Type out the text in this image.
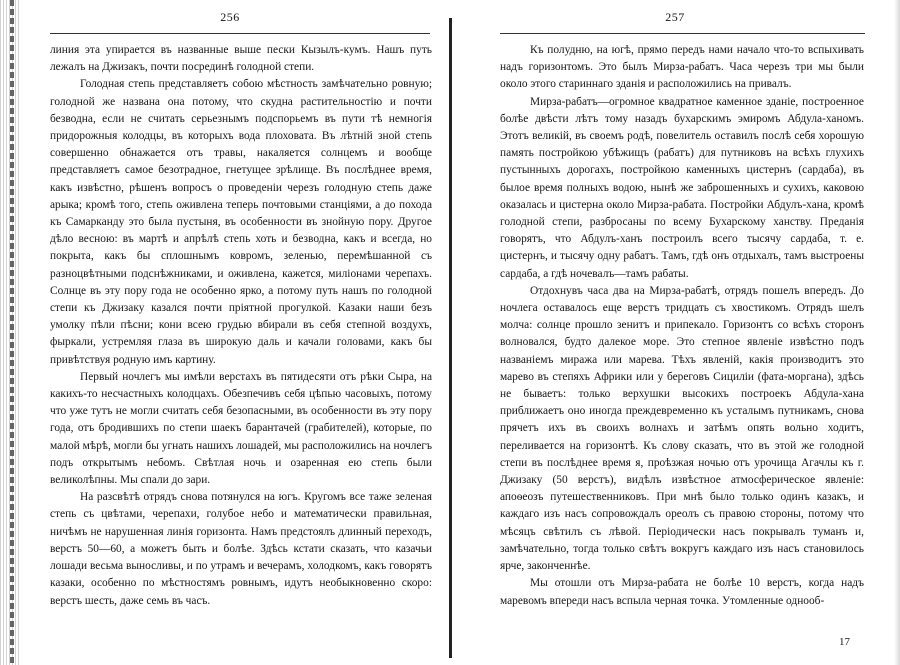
256

линия эта упирается въ названные выше пески Кызылъ-кумъ. Нашъ путь лежалъ на Джизакъ, почти посрединѣ голодной степи.

Голодная степь представляетъ собою мѣстность замѣчательно ровную; голодной же названа она потому, что скудна растительностію и почти безводна, если не считать серьезнымъ подспорьемъ въ пути тѣ немногія придорожныя колодцы, въ которыхъ вода плоховата. Въ лѣтній зной степь совершенно обнажается отъ травы, накаляется солнцемъ и вообще представляетъ самое безотрадное, гнетущее зрѣлище. Въ послѣднее время, какъ извѣстно, рѣшенъ вопросъ о проведеніи черезъ голодную степь даже арыка; кромѣ того, степь оживлена теперь почтовыми станціями, а до похода къ Самарканду это была пустыня, въ особенности въ знойную пору. Другое дѣло весною: въ мартѣ и апрѣлѣ степь хоть и безводна, какъ и всегда, но покрыта, какъ бы сплошнымъ ковромъ, зеленью, перемѣшанной съ разноцвѣтными подснѣжниками, и оживлена, кажется, миліонами черепахъ. Солнце въ эту пору года не особенно ярко, а потому путь нашъ по голодной степи къ Джизаку казался почти пріятной прогулкой. Казаки наши безъ умолку пѣли пѣсни; кони всею грудью вбирали въ себя степной воздухъ, фыркали, устремляя глаза въ широкую даль и качали головами, какъ бы привѣтствуя родную имъ картину.

Первый ночлегъ мы имѣли верстахъ въ пятидесяти отъ рѣки Сыра, на какихъ-то несчастныхъ колодцахъ. Обезпечивъ себя цѣпью часовыхъ, потому что уже тутъ не могли считать себя безопасными, въ особенности въ эту пору года, отъ бродившихъ по степи шаекъ барантачей (грабителей), которые, по малой мѣрѣ, могли бы угнать нашихъ лошадей, мы расположились на ночлегъ подъ открытымъ небомъ. Свѣтлая ночь и озаренная ею степь были великолѣпны. Мы спали до зари.

На разсвѣтѣ отрядъ снова потянулся на югъ. Кругомъ все таже зеленая степь съ цвѣтами, черепахи, голубое небо и математически правильная, ничѣмъ не нарушенная линія горизонта. Намъ предстоялъ длинный переходъ, верстъ 50—60, а можетъ быть и болѣе. Здѣсь кстати сказать, что казачьи лошади весьма выносливы, и по утрамъ и вечерамъ, холодкомъ, какъ говорятъ казаки, особенно по мѣстностямъ ровнымъ, идутъ необыкновенно скоро: верстъ шесть, даже семь въ часъ.

257

Къ полудню, на югѣ, прямо передъ нами начало что-то вспыхивать надъ горизонтомъ. Это былъ Мирза-рабатъ. Часа черезъ три мы были около этого стариннаго зданія и расположились на привалъ.

Мирза-рабатъ—огромное квадратное каменное зданіе, построенное болѣе двѣсти лѣтъ тому назадъ бухарскимъ эмиромъ Абдула-ханомъ. Этотъ великій, въ своемъ родѣ, повелитель оставилъ послѣ себя хорошую память постройкою убѣжищъ (рабатъ) для путниковъ на всѣхъ глухихъ пустынныхъ дорогахъ, постройкою каменныхъ цистернъ (сардаба), въ былое время полныхъ водою, нынѣ же заброшенныхъ и сухихъ, каковою оказалась и цистерна около Мирза-рабата. Постройки Абдулъ-хана, кромѣ голодной степи, разбросаны по всему Бухарскому ханству. Преданія говорятъ, что Абдулъ-ханъ построилъ всего тысячу сардаба, т. е. цистернъ, и тысячу одну рабатъ. Тамъ, гдѣ онъ отдыхалъ, тамъ выстроены сардаба, а гдѣ ночевалъ—тамъ рабаты.

Отдохнувъ часа два на Мирза-рабатѣ, отрядъ пошелъ впередъ. До ночлега оставалось еще верстъ тридцать съ хвостикомъ. Отрядъ шелъ молча: солнце прошло зенитъ и припекало. Горизонтъ со всѣхъ сторонъ волновался, будто далекое море. Это степное явленіе извѣстно подъ названіемъ миража или марева. Тѣхъ явленій, какія производитъ это марево въ степяхъ Африки или у береговъ Сициліи (фата-моргана), здѣсь не бываетъ: только верхушки высокихъ построекъ Абдула-хана приближаетъ оно иногда преждевременно къ усталымъ путникамъ, снова прячетъ ихъ въ своихъ волнахъ и затѣмъ опять вольно ходитъ, переливается на горизонтѣ. Къ слову сказать, что въ этой же голодной степи въ послѣднее время я, проѣзжая ночью отъ урочища Агачлы къ г. Джизаку (50 верстъ), видѣлъ извѣстное атмосферическое явленіе: апоѳеозъ путешественниковъ. При мнѣ было только одинъ казакъ, и каждаго изъ насъ сопровождалъ ореолъ съ правою стороны, потому что мѣсяцъ свѣтилъ съ лѣвой. Періодически насъ покрывалъ туманъ и, замѣчательно, тогда только свѣтъ вокругъ каждаго изъ насъ становилось ярче, законченнѣе.

Мы отошли отъ Мирза-рабата не болѣе 10 верстъ, когда надъ маревомъ впереди насъ вспыла черная точка. Утомленные однооб-

17
